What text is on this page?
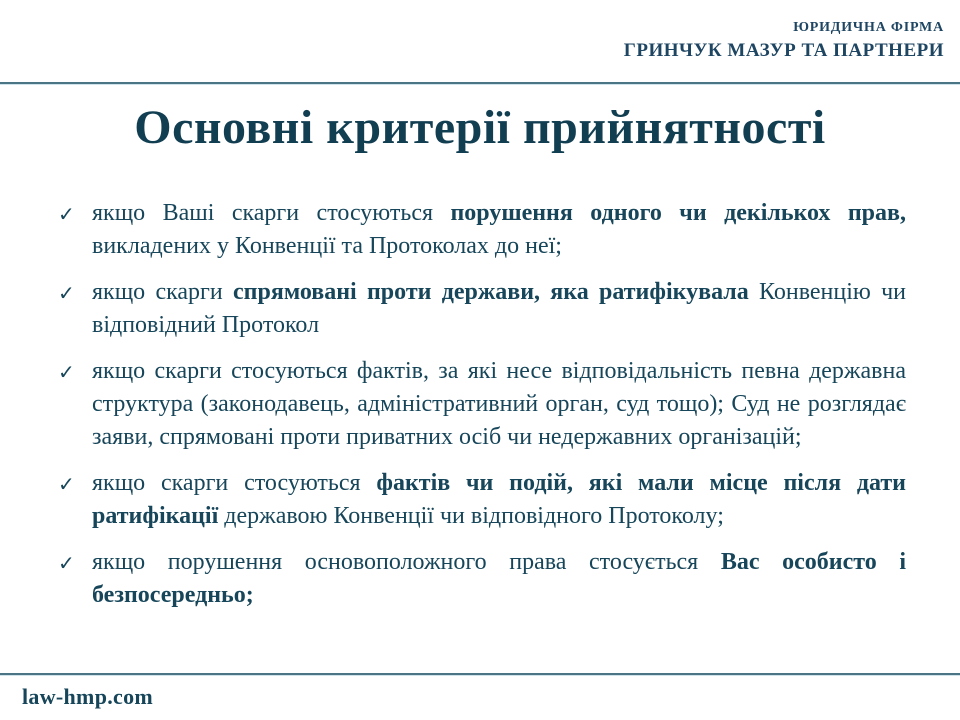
ЮРИДИЧНА ФІРМА
ГРИНЧУК МАЗУР ТА ПАРТНЕРИ
Основні критерії прийнятності
✓ якщо Ваші скарги стосуються порушення одного чи декількох прав, викладених у Конвенції та Протоколах до неї;
✓ якщо скарги спрямовані проти держави, яка ратифікувала Конвенцію чи відповідний Протокол
✓ якщо скарги стосуються фактів, за які несе відповідальність певна державна структура (законодавець, адміністративний орган, суд тощо); Суд не розглядає заяви, спрямовані проти приватних осіб чи недержавних організацій;
✓ якщо скарги стосуються фактів чи подій, які мали місце після дати ратифікації державою Конвенції чи відповідного Протоколу;
✓ якщо порушення основоположного права стосується Вас особисто і безпосередньо;
law-hmp.com
